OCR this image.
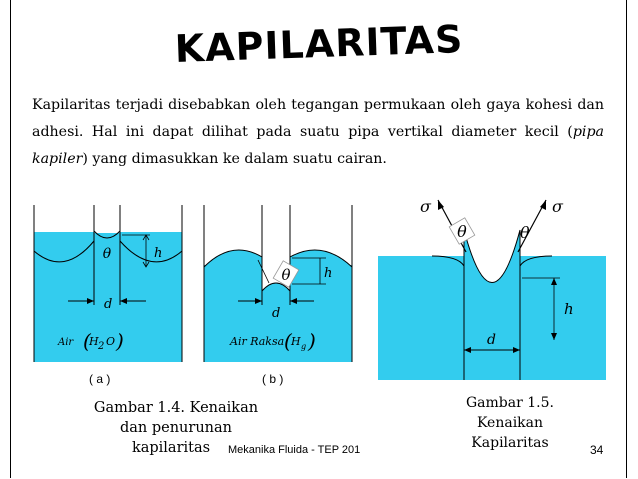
KAPILARITAS
Kapilaritas terjadi disebabkan oleh tegangan permukaan oleh gaya kohesi dan adhesi. Hal ini dapat dilihat pada suatu pipa vertikal diameter kecil (pipa kapiler) yang dimasukkan ke dalam suatu cairan.
θ	h
d
Air (
H 2 O )
( a )
θ	h
d
Air Raksa ( H g )
( b )
σ	σ
θ	θ
h
d
Gambar 1.4. Kenaikan
dan penurunan
kapilaritas
Gambar 1.5.
Kenaikan
Kapilaritas
Mekanika Fluida - TEP 201	34
